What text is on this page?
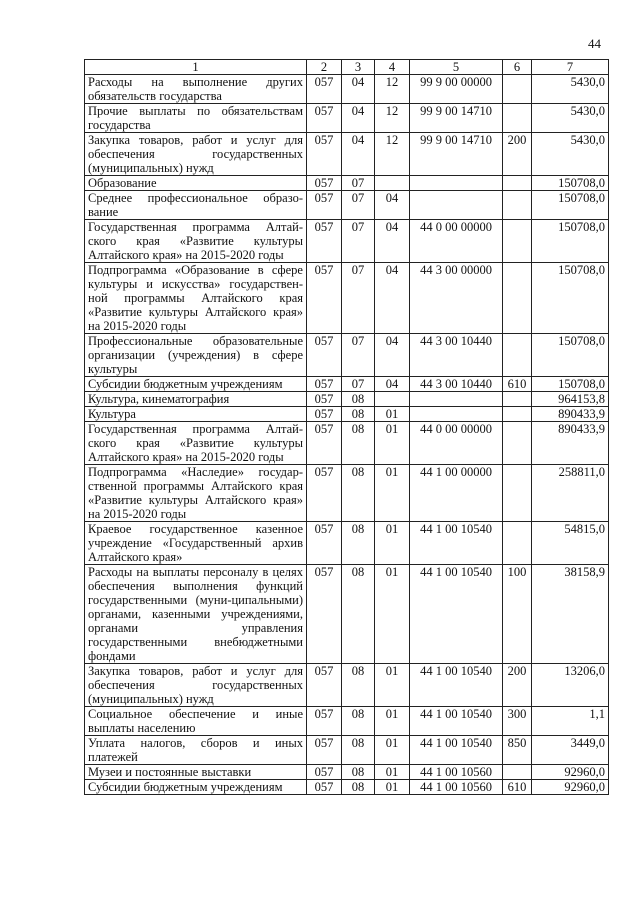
44
1	2	3	4	5	6	7
Расходы на выполнение других обязательств государства	057	04	12	99 9 00 00000		5430,0
Прочие выплаты по обязательствам государства	057	04	12	99 9 00 14710		5430,0
Закупка товаров, работ и услуг для обеспечения государственных (муниципальных) нужд	057	04	12	99 9 00 14710	200	5430,0
Образование	057	07				150708,0
Среднее профессиональное образо-вание	057	07	04			150708,0
Государственная программа Алтай-ского края «Развитие культуры Алтайского края» на 2015-2020 годы	057	07	04	44 0 00 00000		150708,0
Подпрограмма «Образование в сфере культуры и искусства» государствен-ной программы Алтайского края «Развитие культуры Алтайского края» на 2015-2020 годы	057	07	04	44 3 00 00000		150708,0
Профессиональные образовательные организации (учреждения) в сфере культуры	057	07	04	44 3 00 10440		150708,0
Субсидии бюджетным учреждениям	057	07	04	44 3 00 10440	610	150708,0
Культура, кинематография	057	08				964153,8
Культура	057	08	01			890433,9
Государственная программа Алтай-ского края «Развитие культуры Алтайского края» на 2015-2020 годы	057	08	01	44 0 00 00000		890433,9
Подпрограмма «Наследие» государ-ственной программы Алтайского края «Развитие культуры Алтайского края» на 2015-2020 годы	057	08	01	44 1 00 00000		258811,0
Краевое государственное казенное учреждение «Государственный архив Алтайского края»	057	08	01	44 1 00 10540		54815,0
Расходы на выплаты персоналу в целях обеспечения выполнения функций государственными (муни-ципальными) органами, казенными учреждениями, органами управления государственными внебюджетными фондами	057	08	01	44 1 00 10540	100	38158,9
Закупка товаров, работ и услуг для обеспечения государственных (муниципальных) нужд	057	08	01	44 1 00 10540	200	13206,0
Социальное обеспечение и иные выплаты населению	057	08	01	44 1 00 10540	300	1,1
Уплата налогов, сборов и иных платежей	057	08	01	44 1 00 10540	850	3449,0
Музеи и постоянные выставки	057	08	01	44 1 00 10560		92960,0
Субсидии бюджетным учреждениям	057	08	01	44 1 00 10560	610	92960,0
